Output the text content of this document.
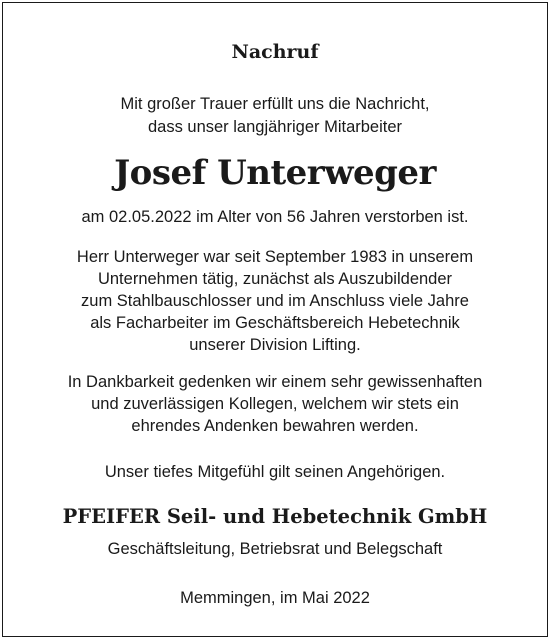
Nachruf
Mit großer Trauer erfüllt uns die Nachricht,
dass unser langjähriger Mitarbeiter
Josef Unterweger
am 02.05.2022 im Alter von 56 Jahren verstorben ist.
Herr Unterweger war seit September 1983 in unserem
Unternehmen tätig, zunächst als Auszubildender
zum Stahlbauschlosser und im Anschluss viele Jahre
als Facharbeiter im Geschäftsbereich Hebetechnik
unserer Division Lifting.
In Dankbarkeit gedenken wir einem sehr gewissenhaften
und zuverlässigen Kollegen, welchem wir stets ein
ehrendes Andenken bewahren werden.
Unser tiefes Mitgefühl gilt seinen Angehörigen.
PFEIFER Seil- und Hebetechnik GmbH
Geschäftsleitung, Betriebsrat und Belegschaft
Memmingen, im Mai 2022
